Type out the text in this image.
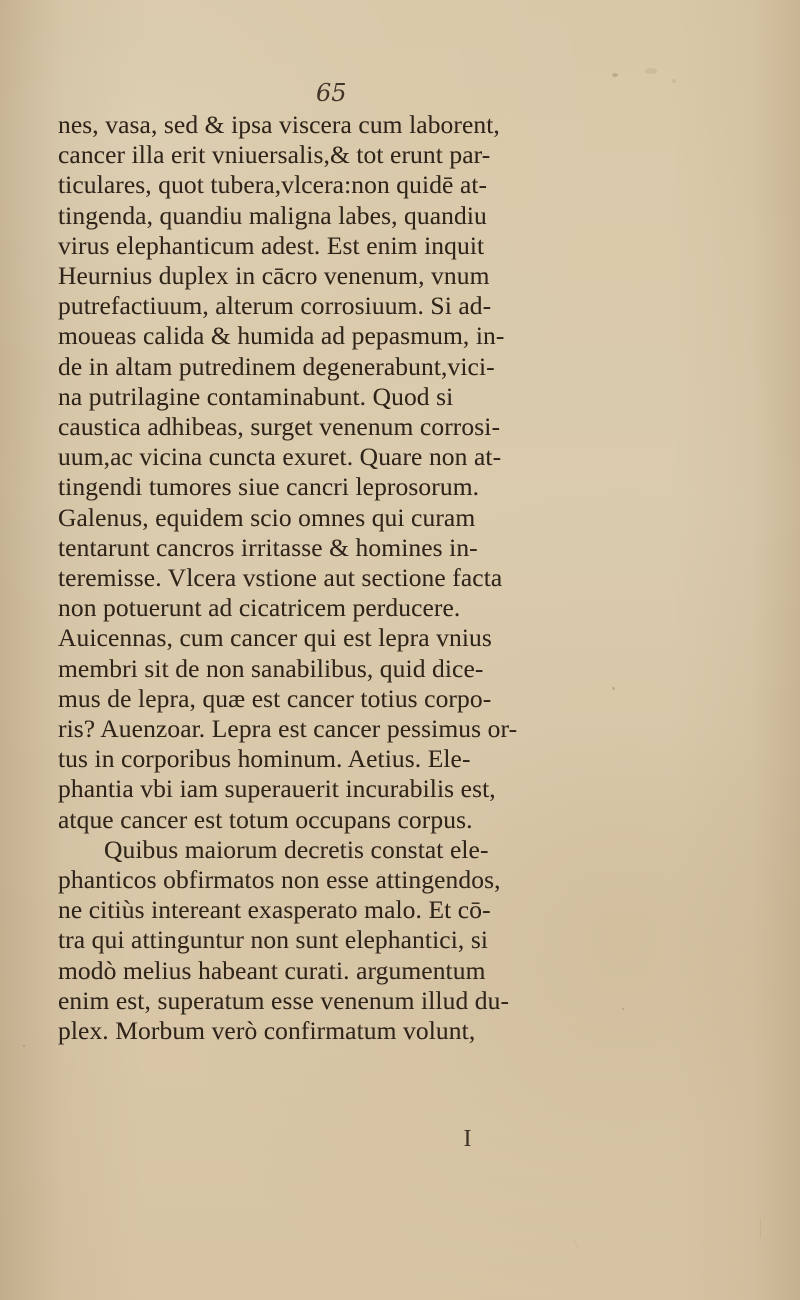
65
nes, vasa, sed & ipsa viscera cum laborent,
cancer illa erit vniuersalis,& tot erunt par-
ticulares, quot tubera,vlcera:non quidē at-
tingenda, quandiu maligna labes, quandiu
virus elephanticum adest. Est enim inquit
Heurnius duplex in cācro venenum, vnum
putrefactiuum, alterum corrosiuum. Si ad-
moueas calida & humida ad pepasmum, in-
de in altam putredinem degenerabunt,vici-
na putrilagine contaminabunt. Quod si
caustica adhibeas, surget venenum corrosi-
uum,ac vicina cuncta exuret. Quare non at-
tingendi tumores siue cancri leprosorum.
Galenus, equidem scio omnes qui curam
tentarunt cancros irritasse & homines in-
teremisse. Vlcera vstione aut sectione facta
non potuerunt ad cicatricem perducere.
Auicennas, cum cancer qui est lepra vnius
membri sit de non sanabilibus, quid dice-
mus de lepra, quæ est cancer totius corpo-
ris? Auenzoar. Lepra est cancer pessimus or-
tus in corporibus hominum. Aetius. Ele-
phantia vbi iam superauerit incurabilis est,
atque cancer est totum occupans corpus.
Quibus maiorum decretis constat ele-
phanticos obfirmatos non esse attingendos,
ne citiùs intereant exasperato malo. Et cō-
tra qui attinguntur non sunt elephantici, si
modò melius habeant curati. argumentum
enim est, superatum esse venenum illud du-
plex. Morbum verò confirmatum volunt,
I
